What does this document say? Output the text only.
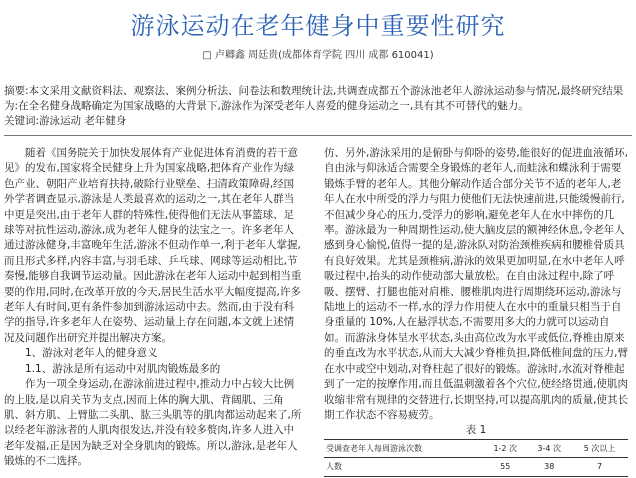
游泳运动在老年健身中重要性研究
□ 卢卿鑫 周廷贵(成都体育学院 四川 成都 610041)

摘要:本文采用文献资料法、观察法、案例分析法、问卷法和数理统计法,共调查成都五个游泳池老年人游泳运动参与情况,最终研究结果为:在全名健身战略确定为国家战略的大背景下,游泳作为深受老年人喜爱的健身运动之一,具有其不可替代的魅力。

关键词:游泳运动 老年健身

随着《国务院关于加快发展体育产业促进体育消费的若干意见》的发布,国家将全民健身上升为国家战略,把体育产业作为绿色产业、朝阳产业培育扶持,破除行业壁垒、扫清政策障碍,经国外学者调查显示,游泳是人类最喜欢的运动之一,其在老年人群当中更是突出,由于老年人群的特殊性,使得他们无法从事篮球、足球等对抗性运动,游泳,成为老年人健身的法宝之一。许多老年人通过游泳健身,丰富晚年生活,游泳不但动作单一,利于老年人掌握,而且形式多样,内容丰富,与羽毛球、乒乓球、网球等运动相比,节奏慢,能够自我调节运动量。因此游泳在老年人运动中起到相当重要的作用,同时,在改革开放的今天,居民生活水平大幅度提高,许多老年人有时间,更有条件参加到游泳运动中去。然而,由于没有科学的指导,许多老年人在姿势、运动量上存在问题,本文就上述情况及问题作出研究并提出解决方案。

1、游泳对老年人的健身意义

1.1、游泳是所有运动中对肌肉锻炼最多的

作为一项全身运动,在游泳前进过程中,推动力中占较大比例的上肢,是以肩关节为支点,因而上体的胸大肌、背阔肌、三角肌、斜方肌、上臂肱二头肌、肱三头肌等的肌肉都运动起来了,所以经老年游泳者的人肌肉很发达,并没有较多赘肉,许多人进入中老年发福,正是因为缺乏对全身肌肉的锻炼。所以,游泳,是老年人锻炼的不二选择。

仿、另外,游泳采用的是俯卧与仰卧的姿势,能很好的促进血液循环,自由泳与仰泳适合需要全身锻炼的老年人,而蛙泳和蝶泳利于需要锻炼手臂的老年人。其他分解动作适合部分关节不适的老年人,老年人在水中所受的浮力与阻力使他们无法快速前进,只能缓慢前行,不但减少身心的压力,受浮力的影响,避免老年人在水中摔伤的几率。游泳最为一种周期性运动,使大脑皮层的额神经休息,令老年人感到身心愉悦,值得一提的是,游泳队对防治颈椎疾病和腰椎骨质具有良好效果。尤其是颈椎病,游泳的效果更加明显,在水中老年人呼吸过程中,抬头的动作使动部大量放松。在自由泳过程中,除了呼吸、摆臂、打腿也能对肩椎、腰椎肌肉进行周期绕环运动,游泳与陆地上的运动不一样,水的浮力作用使人在水中的重量只相当于自身重量的 10%,人在悬浮状态,不需要用多大的力就可以运动自如。而游泳身体呈水平状态,头由高位改为水平或低位,脊椎由原来的垂直改为水平状态,从而大大减少脊椎负担,降低椎间盘的压力,臂在水中或空中划动,对脊柱起了很好的锻炼。游泳时,水流对脊椎起到了一定的按摩作用,而且低温刺激着各个穴位,使经络贯通,使肌肉收缩非常有规律的交替进行,长期坚持,可以提高肌肉的质量,使其长期工作状态不容易疲劳。

表 1

受调查老年人每周游泳次数	1-2 次	3-4 次	5 次以上
人数	55	38	7
